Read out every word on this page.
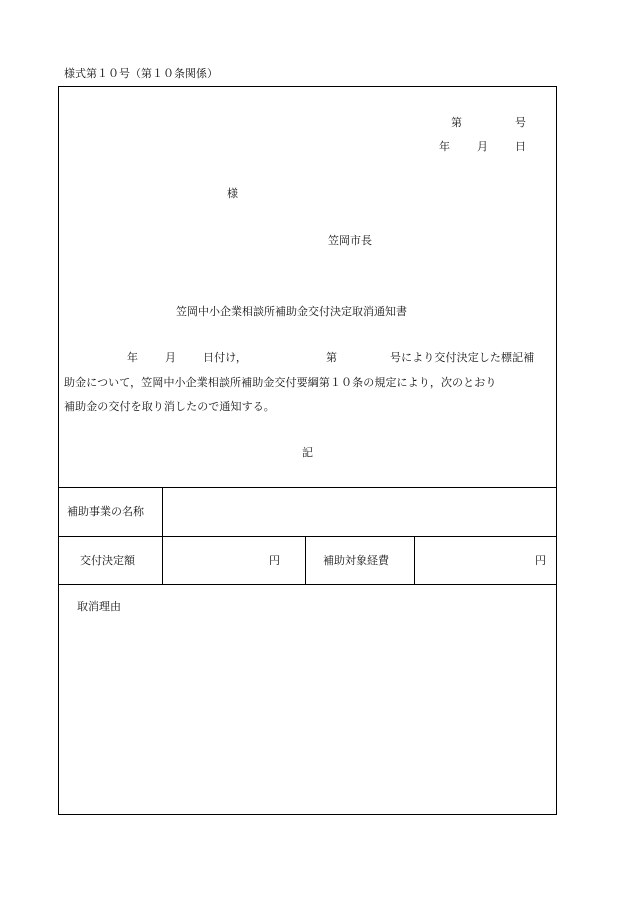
様式第１０号（第１０条関係）
第	号
年 月 日
様
笠岡市長
笠岡中小企業相談所補助金交付決定取消通知書
年 月 日付け，	第	号により交付決定した標記補
助金について，笠岡中小企業相談所補助金交付要綱第１０条の規定により，次のとおり
補助金の交付を取り消したので通知する。
記
補助事業の名称
交付決定額	円	補助対象経費	円
取消理由
